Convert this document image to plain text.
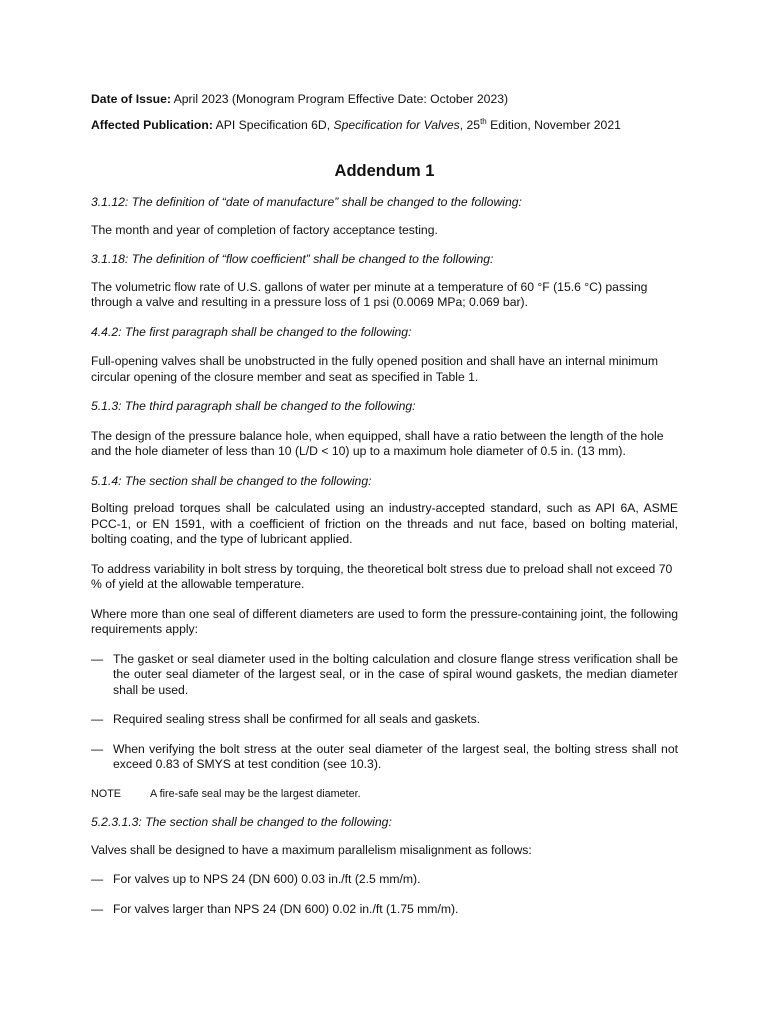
Date of Issue: April 2023 (Monogram Program Effective Date: October 2023)

Affected Publication: API Specification 6D, Specification for Valves, 25th Edition, November 2021

Addendum 1

3.1.12: The definition of “date of manufacture” shall be changed to the following:

The month and year of completion of factory acceptance testing.

3.1.18: The definition of “flow coefficient” shall be changed to the following:

The volumetric flow rate of U.S. gallons of water per minute at a temperature of 60 °F (15.6 °C) passing through a valve and resulting in a pressure loss of 1 psi (0.0069 MPa; 0.069 bar).

4.4.2: The first paragraph shall be changed to the following:

Full-opening valves shall be unobstructed in the fully opened position and shall have an internal minimum circular opening of the closure member and seat as specified in Table 1.

5.1.3: The third paragraph shall be changed to the following:

The design of the pressure balance hole, when equipped, shall have a ratio between the length of the hole and the hole diameter of less than 10 (L/D < 10) up to a maximum hole diameter of 0.5 in. (13 mm).

5.1.4: The section shall be changed to the following:

Bolting preload torques shall be calculated using an industry-accepted standard, such as API 6A, ASME PCC-1, or EN 1591, with a coefficient of friction on the threads and nut face, based on bolting material, bolting coating, and the type of lubricant applied.

To address variability in bolt stress by torquing, the theoretical bolt stress due to preload shall not exceed 70 % of yield at the allowable temperature.

Where more than one seal of different diameters are used to form the pressure-containing joint, the following requirements apply:

— The gasket or seal diameter used in the bolting calculation and closure flange stress verification shall be the outer seal diameter of the largest seal, or in the case of spiral wound gaskets, the median diameter shall be used.
— Required sealing stress shall be confirmed for all seals and gaskets.
— When verifying the bolt stress at the outer seal diameter of the largest seal, the bolting stress shall not exceed 0.83 of SMYS at test condition (see 10.3).
NOTE	A fire-safe seal may be the largest diameter.

5.2.3.1.3: The section shall be changed to the following:

Valves shall be designed to have a maximum parallelism misalignment as follows:

— For valves up to NPS 24 (DN 600) 0.03 in./ft (2.5 mm/m).
— For valves larger than NPS 24 (DN 600) 0.02 in./ft (1.75 mm/m).
